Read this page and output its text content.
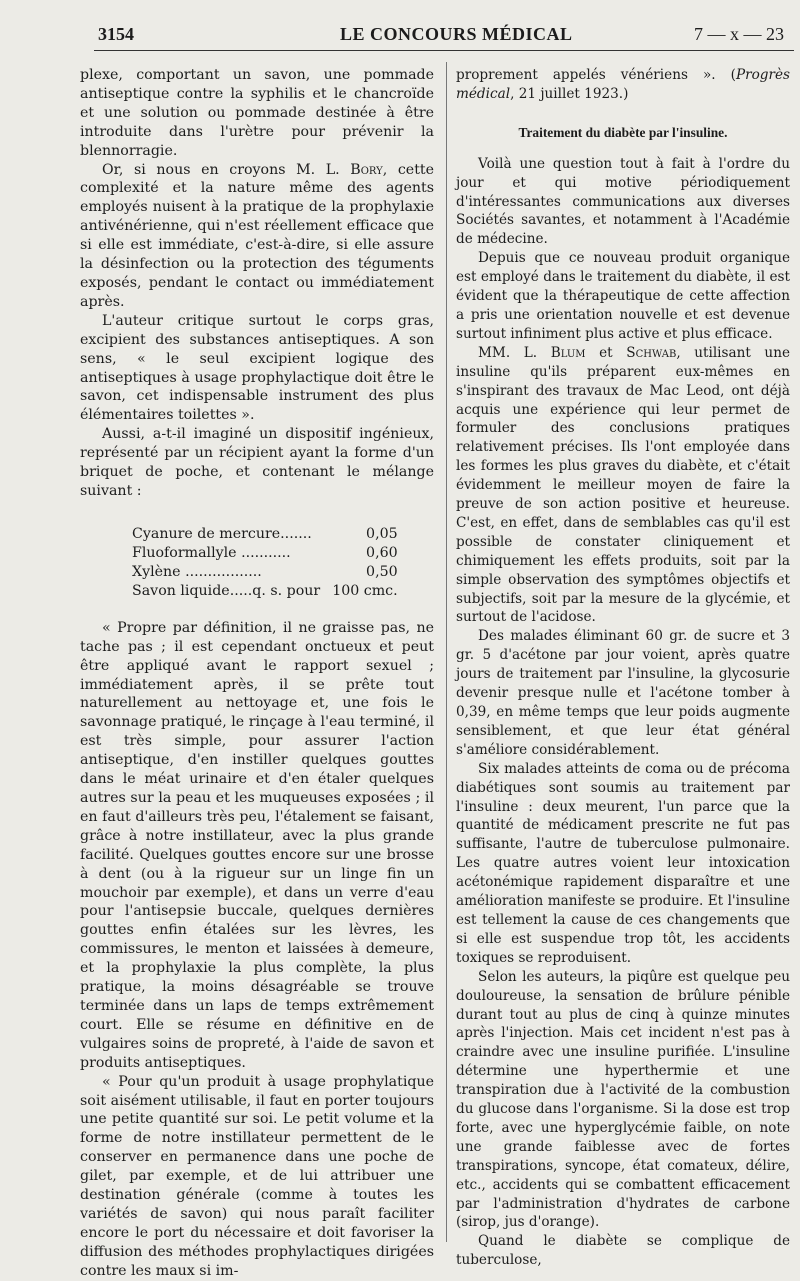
3154	LE CONCOURS MÉDICAL	7 — x — 23

plexe, comportant un savon, une pommade antiseptique contre la syphilis et le chancroïde et une solution ou pommade destinée à être introduite dans l'urètre pour prévenir la blennorragie.

Or, si nous en croyons M. L. Bory, cette complexité et la nature même des agents employés nuisent à la pratique de la prophylaxie antivénérienne, qui n'est réellement efficace que si elle est immédiate, c'est-à-dire, si elle assure la désinfection ou la protection des téguments exposés, pendant le contact ou immédiatement après.

L'auteur critique surtout le corps gras, excipient des substances antiseptiques. A son sens, « le seul excipient logique des antiseptiques à usage prophylactique doit être le savon, cet indispensable instrument des plus élémentaires toilettes ».

Aussi, a-t-il imaginé un dispositif ingénieux, représenté par un récipient ayant la forme d'un briquet de poche, et contenant le mélange suivant :

Cyanure de mercure.......	0,05
Fluoformallyle ...........	0,60
Xylène .................	0,50
Savon liquide.....q. s. pour	100 cmc.

« Propre par définition, il ne graisse pas, ne tache pas ; il est cependant onctueux et peut être appliqué avant le rapport sexuel ; immédiatement après, il se prête tout naturellement au nettoyage et, une fois le savonnage pratiqué, le rinçage à l'eau terminé, il est très simple, pour assurer l'action antiseptique, d'en instiller quelques gouttes dans le méat urinaire et d'en étaler quelques autres sur la peau et les muqueuses exposées ; il en faut d'ailleurs très peu, l'étalement se faisant, grâce à notre instillateur, avec la plus grande facilité. Quelques gouttes encore sur une brosse à dent (ou à la rigueur sur un linge fin un mouchoir par exemple), et dans un verre d'eau pour l'antisepsie buccale, quelques dernières gouttes enfin étalées sur les lèvres, les commissures, le menton et laissées à demeure, et la prophylaxie la plus complète, la plus pratique, la moins désagréable se trouve terminée dans un laps de temps extrêmement court. Elle se résume en définitive en de vulgaires soins de propreté, à l'aide de savon et produits antiseptiques.

« Pour qu'un produit à usage prophylatique soit aisément utilisable, il faut en porter toujours une petite quantité sur soi. Le petit volume et la forme de notre instillateur permettent de le conserver en permanence dans une poche de gilet, par exemple, et de lui attribuer une destination générale (comme à toutes les variétés de savon) qui nous paraît faciliter encore le port du nécessaire et doit favoriser la diffusion des méthodes prophylactiques dirigées contre les maux si im-

proprement appelés vénériens ». (Progrès médical, 21 juillet 1923.)

Traitement du diabète par l'insuline.

Voilà une question tout à fait à l'ordre du jour et qui motive périodiquement d'intéressantes communications aux diverses Sociétés savantes, et notamment à l'Académie de médecine.

Depuis que ce nouveau produit organique est employé dans le traitement du diabète, il est évident que la thérapeutique de cette affection a pris une orientation nouvelle et est devenue surtout infiniment plus active et plus efficace.

MM. L. Blum et Schwab, utilisant une insuline qu'ils préparent eux-mêmes en s'inspirant des travaux de Mac Leod, ont déjà acquis une expérience qui leur permet de formuler des conclusions pratiques relativement précises. Ils l'ont employée dans les formes les plus graves du diabète, et c'était évidemment le meilleur moyen de faire la preuve de son action positive et heureuse. C'est, en effet, dans de semblables cas qu'il est possible de constater cliniquement et chimiquement les effets produits, soit par la simple observation des symptômes objectifs et subjectifs, soit par la mesure de la glycémie, et surtout de l'acidose.

Des malades éliminant 60 gr. de sucre et 3 gr. 5 d'acétone par jour voient, après quatre jours de traitement par l'insuline, la glycosurie devenir presque nulle et l'acétone tomber à 0,39, en même temps que leur poids augmente sensiblement, et que leur état général s'améliore considérablement.

Six malades atteints de coma ou de précoma diabétiques sont soumis au traitement par l'insuline : deux meurent, l'un parce que la quantité de médicament prescrite ne fut pas suffisante, l'autre de tuberculose pulmonaire. Les quatre autres voient leur intoxication acétonémique rapidement disparaître et une amélioration manifeste se produire. Et l'insuline est tellement la cause de ces changements que si elle est suspendue trop tôt, les accidents toxiques se reproduisent.

Selon les auteurs, la piqûre est quelque peu douloureuse, la sensation de brûlure pénible durant tout au plus de cinq à quinze minutes après l'injection. Mais cet incident n'est pas à craindre avec une insuline purifiée. L'insuline détermine une hyperthermie et une transpiration due à l'activité de la combustion du glucose dans l'organisme. Si la dose est trop forte, avec une hyperglycémie faible, on note une grande faiblesse avec de fortes transpirations, syncope, état comateux, délire, etc., accidents qui se combattent efficacement par l'administration d'hydrates de carbone (sirop, jus d'orange).

Quand le diabète se complique de tuberculose,
